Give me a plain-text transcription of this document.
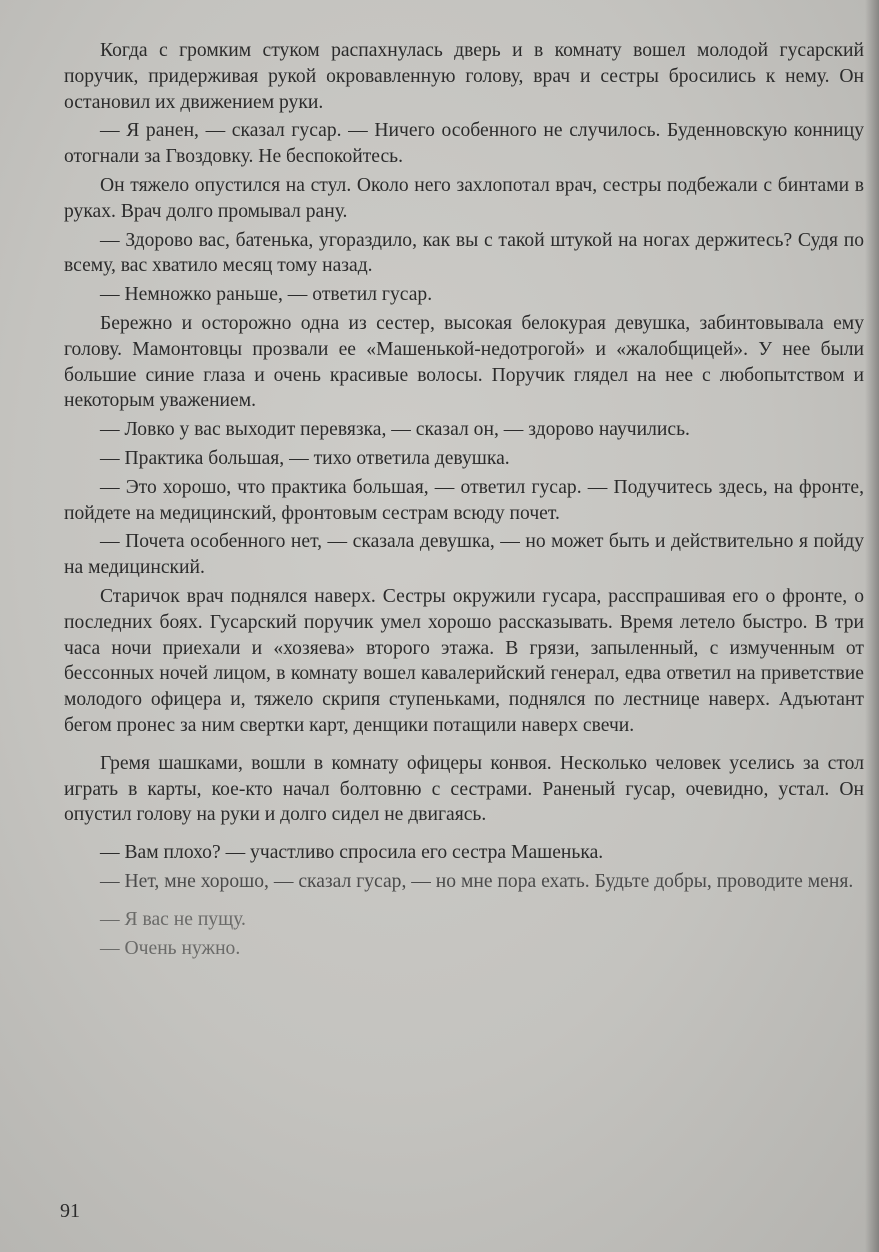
Когда с громким стуком распахнулась дверь и в комнату вошел молодой гусарский поручик, придерживая рукой окровавленную голову, врач и сестры бросились к нему. Он остановил их движением руки.

— Я ранен, — сказал гусар. — Ничего особенного не случилось. Буденновскую конницу отогнали за Гвоздовку. Не беспокойтесь.

Он тяжело опустился на стул. Около него захлопотал врач, сестры подбежали с бинтами в руках. Врач долго промывал рану.

— Здорово вас, батенька, угораздило, как вы с такой штукой на ногах держитесь? Судя по всему, вас хватило месяц тому назад.

— Немножко раньше, — ответил гусар.

Бережно и осторожно одна из сестер, высокая белокурая девушка, забинтовывала ему голову. Мамонтовцы прозвали ее «Машенькой-недотрогой» и «жалобщицей». У нее были большие синие глаза и очень красивые волосы. Поручик глядел на нее с любопытством и некоторым уважением.

— Ловко у вас выходит перевязка, — сказал он, — здорово научились.

— Практика большая, — тихо ответила девушка.

— Это хорошо, что практика большая, — ответил гусар. — Подучитесь здесь, на фронте, пойдете на медицинский, фронтовым сестрам всюду почет.

— Почета особенного нет, — сказала девушка, — но может быть и действительно я пойду на медицинский.

Старичок врач поднялся наверх. Сестры окружили гусара, расспрашивая его о фронте, о последних боях. Гусарский поручик умел хорошо рассказывать. Время летело быстро. В три часа ночи приехали и «хозяева» второго этажа. В грязи, запыленный, с измученным от бессонных ночей лицом, в комнату вошел кавалерийский генерал, едва ответил на приветствие молодого офицера и, тяжело скрипя ступеньками, поднялся по лестнице наверх. Адъютант бегом пронес за ним свертки карт, денщики потащили наверх свечи.

Гремя шашками, вошли в комнату офицеры конвоя. Несколько человек уселись за стол играть в карты, кое-кто начал болтовню с сестрами. Раненый гусар, очевидно, устал. Он опустил голову на руки и долго сидел не двигаясь.

— Вам плохо? — участливо спросила его сестра Машенька.

— Нет, мне хорошо, — сказал гусар, — но мне пора ехать. Будьте добры, проводите меня.

— Я вас не пущу.

— Очень нужно.

91
